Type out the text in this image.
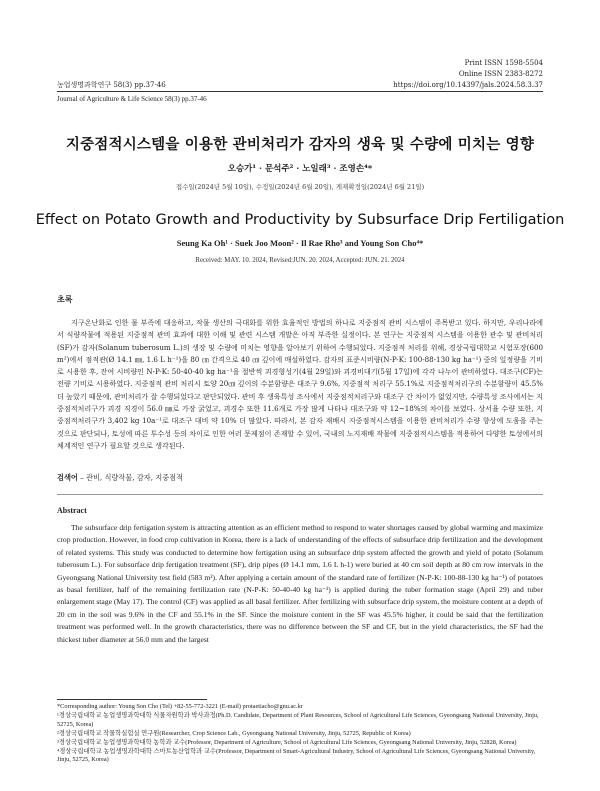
Print ISSN 1598-5504
Online ISSN 2383-8272
농업생명과학연구 58(3) pp.37-46	https://doi.org/10.14397/jals.2024.58.3.37
Journal of Agriculture & Life Science 58(3) pp.37-46
지중점적시스템을 이용한 관비처리가 감자의 생육 및 수량에 미치는 영향
오승가¹ · 문석주² · 노일래³ · 조영손⁴*
접수일(2024년 5월 10일), 수정일(2024년 6월 20일), 게재확정일(2024년 6월 21일)
Effect on Potato Growth and Productivity by Subsurface Drip Fertiligation
Seung Ka Oh¹ · Suek Joo Moon² · Il Rae Rho³ and Young Son Cho⁴*
Received: MAY. 10. 2024, Revised:JUN. 20. 2024, Accepted: JUN. 21. 2024
초록
지구온난화로 인한 물 부족에 대응하고, 작물 생산의 극대화를 위한 효율적인 방법의 하나로 지중점적 관비 시스템이 주목받고 있다. 하지만, 우리나라에서 식량작물에 적용된 지중점적 관비 효과에 대한 이해 및 관련 시스템 개발은 아직 부족한 실정이다. 본 연구는 지중점적 시스템을 이용한 관수 및 관비처리(SF)가 감자(Solanum tuberosum L.)의 생장 및 수량에 미치는 영향을 알아보기 위하여 수행되었다. 지중점적 처리를 위해, 경상국립대학교 시험포장(600 m²)에서 점적관(Ø 14.1 ㎜, 1.6 L h⁻¹)을 80 ㎝ 간격으로 40 ㎝ 깊이에 매설하였다. 감자의 표준시비량(N-P-K: 100-88-130 kg ha⁻¹) 중의 일정량을 기비로 시용한 후, 잔여 시비량인 N-P-K: 50-40-40 kg ha⁻¹을 절반씩 괴경형성기(4월 29일)와 괴경비대기(5월 17일)에 각각 나누어 관비하였다. 대조구(CF)는 전량 기비로 시용하였다. 지중점적 관비 처리시 토양 20㎝ 깊이의 수분함량은 대조구 9.6%, 지중점적 처리구 55.1%로 지중점적처리구의 수분함량이 45.5% 더 높았기 때문에, 관비처리가 잘 수행되었다고 판단되었다. 관비 후 생육특성 조사에서 지중점적처리구와 대조구 간 차이가 없었지만, 수량특성 조사에서는 지중점적처리구가 괴경 직경이 56.0 ㎜로 가장 굵었고, 괴경수 또한 11.6개로 가장 많게 나타나 대조구와 약 12~18%의 차이를 보였다. 상서율 수량 또한, 지중점적처리구가 3,402 kg 10a⁻¹로 대조구 대비 약 10% 더 많았다. 따라서, 본 감자 재배시 지중점적시스템을 이용한 관비처리가 수량 향상에 도움을 주는 것으로 판단되나, 토성에 따른 투수성 등의 차이로 인한 여러 문제점이 존재할 수 있어, 국내의 노지재배 작물에 지중점적시스템을 적용하여 다양한 토성에서의 체계적인 연구가 필요할 것으로 생각된다.
검색어 – 관비, 식량작물, 감자, 지중점적
Abstract
The subsurface drip fertigation system is attracting attention as an efficient method to respond to water shortages caused by global warming and maximize crop production. However, in food crop cultivation in Korea, there is a lack of understanding of the effects of subsurface drip fertilization and the development of related systems. This study was conducted to determine how fertigation using an subsurface drip system affected the growth and yield of potato (Solanum tuberosum L.). For subsurface drip fertigation treatment (SF), drip pipes (Ø 14.1 mm, 1.6 L h-1) were buried at 40 cm soil depth at 80 cm row intervals in the Gyeongsang National University test field (583 m²). After applying a certain amount of the standard rate of fertilizer (N-P-K: 100-88-130 kg ha⁻¹) of potatoes as basal fertilizer, half of the remaining fertilization rate (N-P-K: 50-40-40 kg ha⁻¹) is applied during the tuber formation stage (April 29) and tuber enlargement stage (May 17). The control (CF) was applied as all basal fertilizer. After fertilizing with subsurface drip system, the moisture content at a depth of 20 cm in the soil was 9.6% in the CF and 55.1% in the SF. Since the moisture content in the SF was 45.5% higher, it could be said that the fertilization treatment was performed well. In the growth characteristics, there was no difference between the SF and CF, but in the yield characteristics, the SF had the thickest tuber diameter at 56.0 mm and the largest

*Corresponding author: Young Son Cho (Tel) +82-55-772-3221 (E-mail) protaetiacho@gnu.ac.kr

¹경상국립대학교 농업생명과학대학 식물자원학과 박사과정(Ph.D. Candidate, Department of Plant Resources, School of Agricultural Life Sciences, Gyeongsang National University, Jinju, 52725, Korea)

²경상국립대학교 작물학실험실 연구원(Researcher, Crop Science Lab., Gyeongsang National University, Jinju, 52725, Republic of Korea)

³경상국립대학교 농업생명과학대학 농학과 교수(Professor, Department of Agriculture, School of Agricultural Life Sciences, Gyeongsang National University, Jinju, 52828, Korea)

⁴경상국립대학교 농업생명과학대학 스마트농산업학과 교수(Professor, Department of Smart-Agricultural Industry, School of Agricultural Life Sciences, Gyeongsang National University, Jinju, 52725, Korea)
